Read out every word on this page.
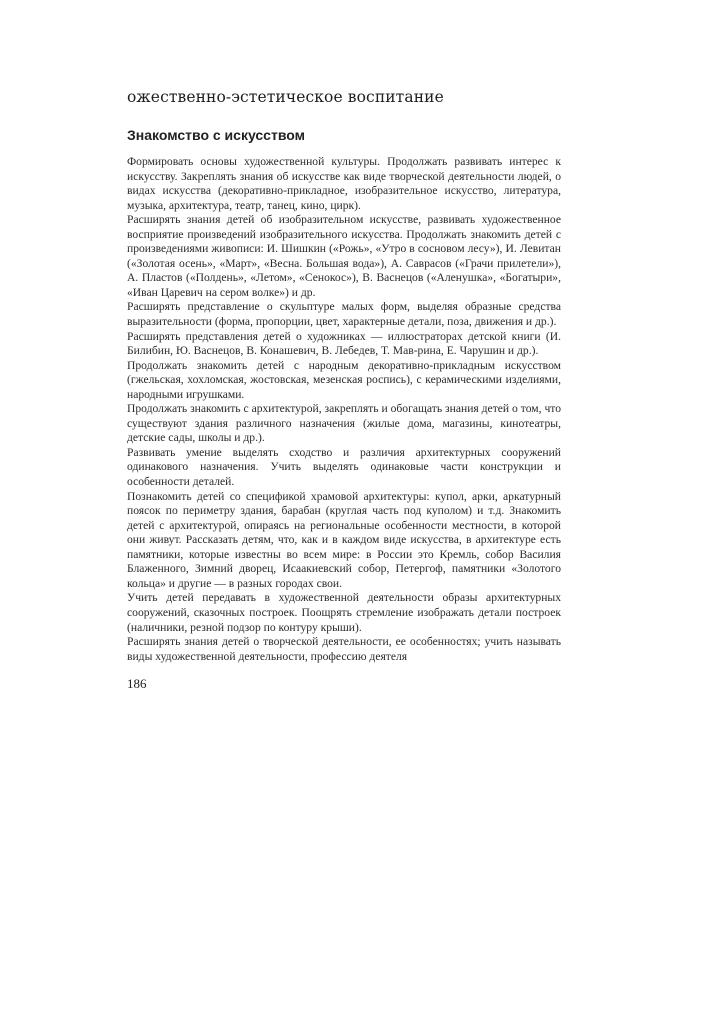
ожественно-эстетическое воспитание
Знакомство с искусством

Формировать основы художественной культуры. Продолжать развивать интерес к искусству. Закреплять знания об искусстве как виде творческой деятельности людей, о видах искусства (декоративно-прикладное, изобразительное искусство, литература, музыка, архитектура, театр, танец, кино, цирк).

Расширять знания детей об изобразительном искусстве, развивать художественное восприятие произведений изобразительного искусства. Продолжать знакомить детей с произведениями живописи: И. Шишкин («Рожь», «Утро в сосновом лесу»), И. Левитан («Золотая осень», «Март», «Весна. Большая вода»), А. Саврасов («Грачи прилетели»), А. Пластов («Полдень», «Летом», «Сенокос»), В. Васнецов («Аленушка», «Богатыри», «Иван Царевич на сером волке») и др.

Расширять представление о скульптуре малых форм, выделяя образные средства выразительности (форма, пропорции, цвет, характерные детали, поза, движения и др.).

Расширять представления детей о художниках — иллюстраторах детской книги (И. Билибин, Ю. Васнецов, В. Конашевич, В. Лебедев, Т. Мав-рина, Е. Чарушин и др.).

Продолжать знакомить детей с народным декоративно-прикладным искусством (гжельская, хохломская, жостовская, мезенская роспись), с керамическими изделиями, народными игрушками.

Продолжать знакомить с архитектурой, закреплять и обогащать знания детей о том, что существуют здания различного назначения (жилые дома, магазины, кинотеатры, детские сады, школы и др.).

Развивать умение выделять сходство и различия архитектурных сооружений одинакового назначения. Учить выделять одинаковые части конструкции и особенности деталей.

Познакомить детей со спецификой храмовой архитектуры: купол, арки, аркатурный поясок по периметру здания, барабан (круглая часть под куполом) и т.д. Знакомить детей с архитектурой, опираясь на региональные особенности местности, в которой они живут. Рассказать детям, что, как и в каждом виде искусства, в архитектуре есть памятники, которые известны во всем мире: в России это Кремль, собор Василия Блаженного, Зимний дворец, Исаакиевский собор, Петергоф, памятники «Золотого кольца» и другие — в разных городах свои.

Учить детей передавать в художественной деятельности образы архитектурных сооружений, сказочных построек. Поощрять стремление изображать детали построек (наличники, резной подзор по контуру крыши).

Расширять знания детей о творческой деятельности, ее особенностях; учить называть виды художественной деятельности, профессию деятеля

186
